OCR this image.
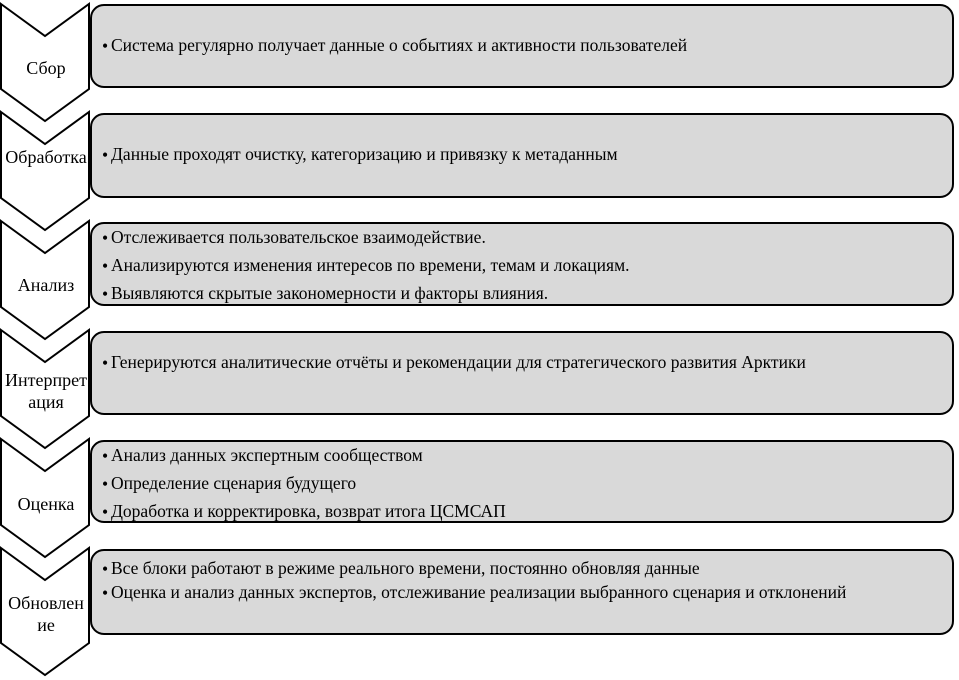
Сбор
• Система регулярно получает данные о событиях и активности пользователей
Обработка • Данные проходят очистку, категоризацию и привязку к метаданным
Анализ
• Отслеживается пользовательское взаимодействие.
• Анализируются изменения интересов по времени, темам и локациям.
• Выявляются скрытые закономерности и факторы влияния.
Интерпретация
• Генерируются аналитические отчёты и рекомендации для стратегического развития Арктики
Оценка
• Анализ данных экспертным сообществом
• Определение сценария будущего
• Доработка и корректировка, возврат итога ЦСМСАП
Обновление
• Все блоки работают в режиме реального времени, постоянно обновляя данные
• Оценка и анализ данных экспертов, отслеживание реализации выбранного сценария и отклонений
